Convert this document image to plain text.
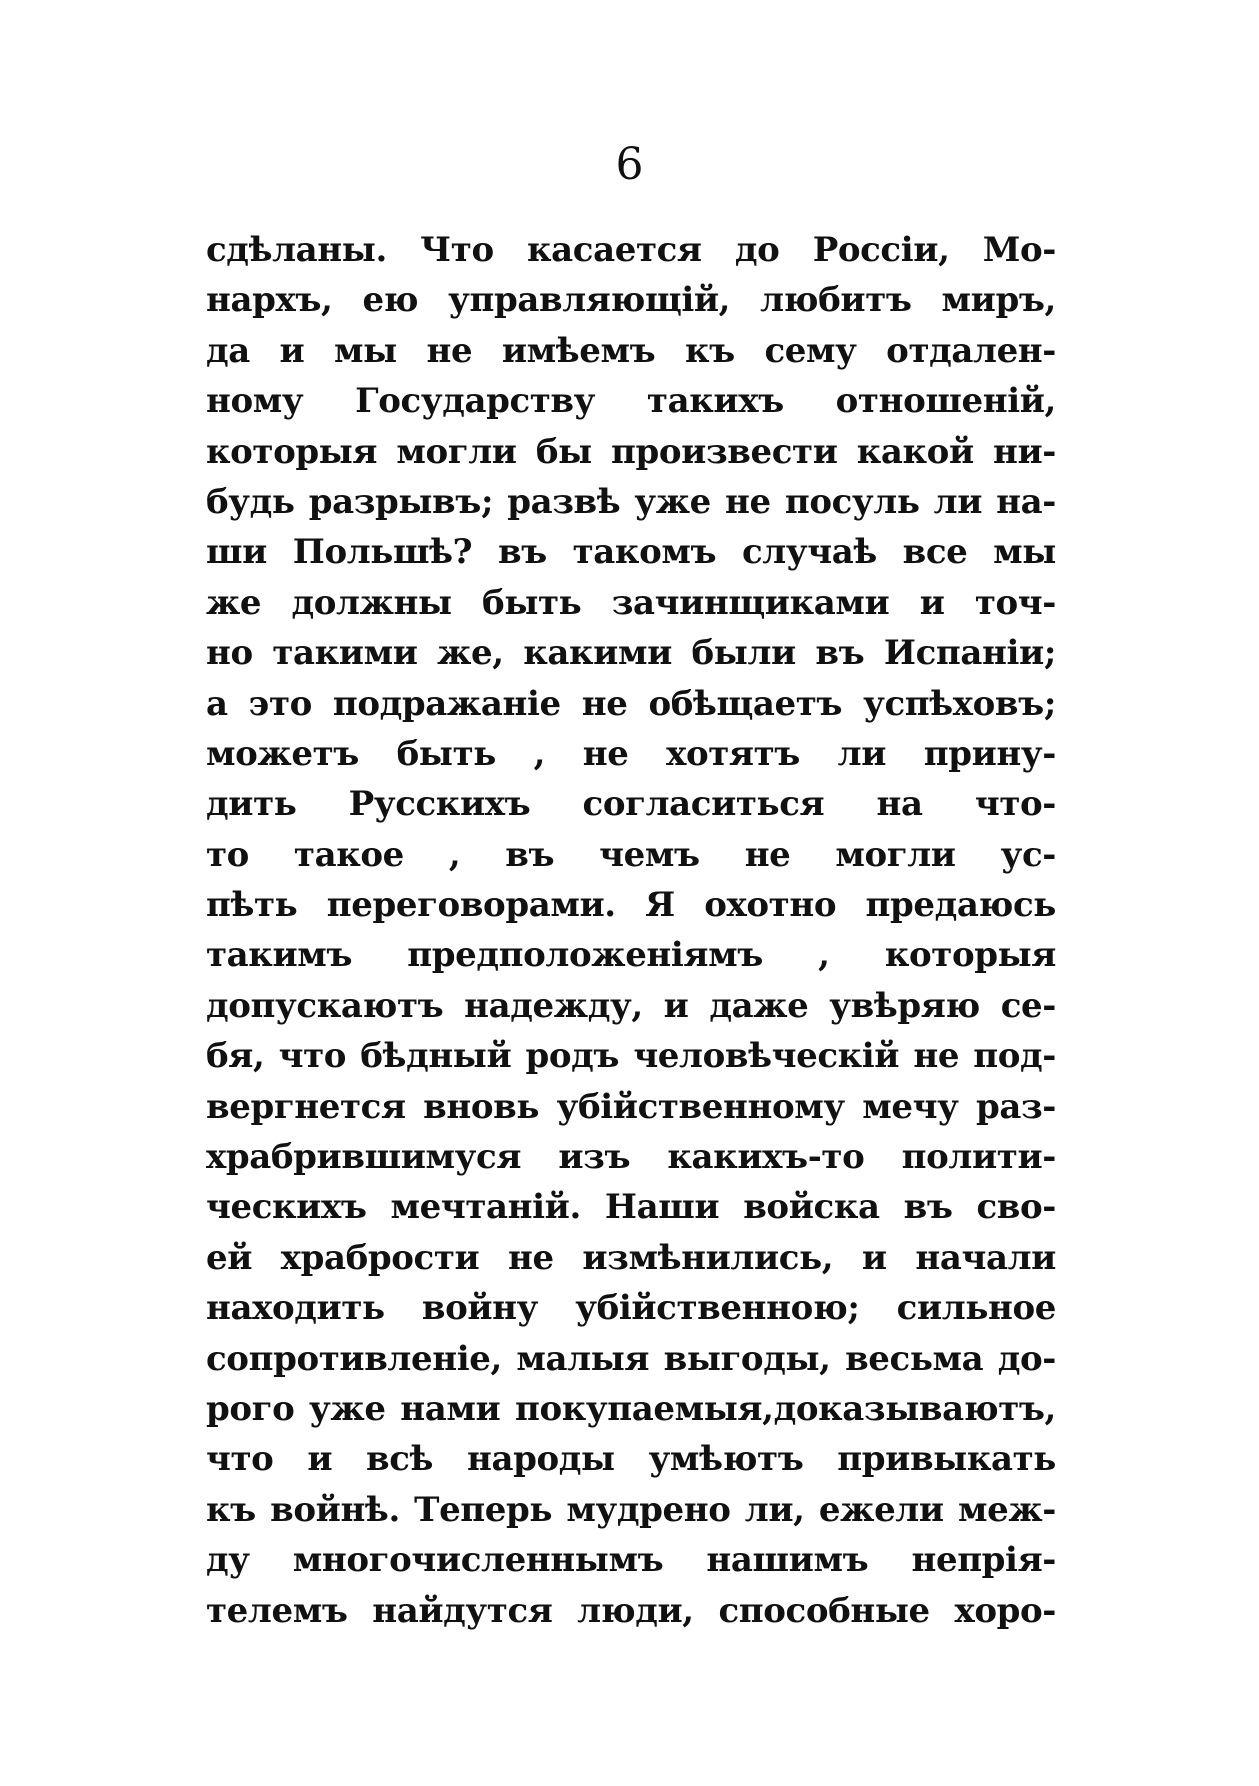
6
сдѣланы. Что касается до Россіи, Мо-
нархъ, ею управляющій, любитъ миръ,
да и мы не имѣемъ къ сему отдален-
ному Государству такихъ отношеній,
которыя могли бы произвести какой ни-
будь разрывъ; развѣ уже не посуль ли на-
ши Польшѣ? въ такомъ случаѣ все мы
же должны быть зачинщиками и точ-
но такими же, какими были въ Испаніи;
а это подражаніе не обѣщаетъ успѣховъ;
можетъ быть , не хотятъ ли прину-
дить Русскихъ согласиться на что-
то такое , въ чемъ не могли ус-
пѣть переговорами. Я охотно предаюсь
такимъ предположеніямъ , которыя
допускаютъ надежду, и даже увѣряю се-
бя, что бѣдный родъ человѣческій не под-
вергнется вновь убійственному мечу раз-
храбрившимуся изъ какихъ-то полити-
ческихъ мечтаній. Наши войска въ сво-
ей храбрости не измѣнились, и начали
находить войну убійственною; сильное
сопротивленіе, малыя выгоды, весьма до-
рого уже нами покупаемыя,доказываютъ,
что и всѣ народы умѣютъ привыкать
къ войнѣ. Теперь мудрено ли, ежели меж-
ду многочисленнымъ нашимъ непрія-
телемъ найдутся люди, способные хоро-
